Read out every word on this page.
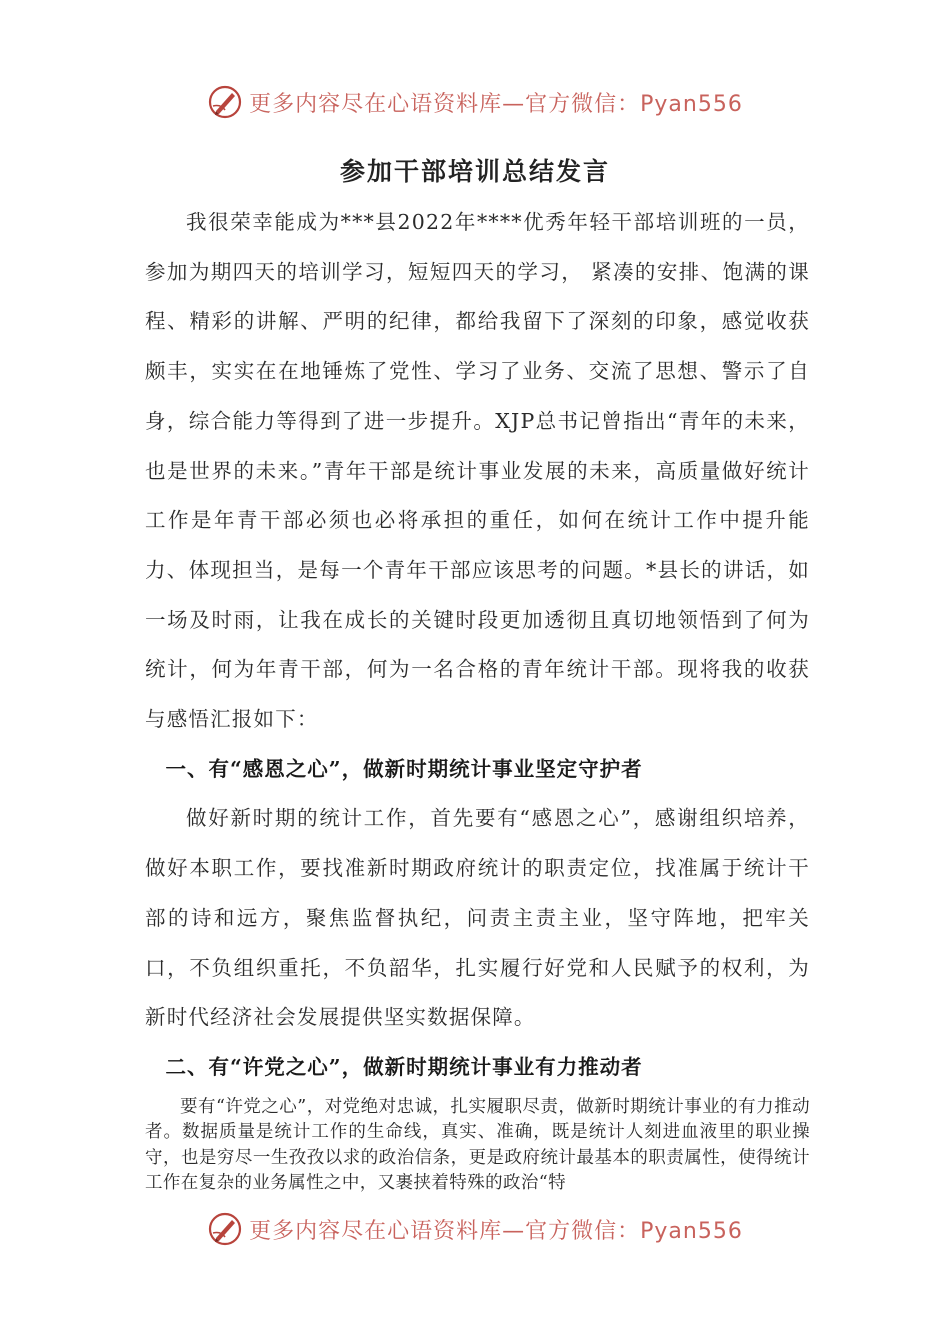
更多内容尽在心语资料库—官方微信：Pyan556
参加干部培训总结发言

我很荣幸能成为***县2022年****优秀年轻干部培训班的一员，参加为期四天的培训学习，短短四天的学习， 紧凑的安排、饱满的课程、精彩的讲解、严明的纪律，都给我留下了深刻的印象，感觉收获颇丰，实实在在地锤炼了党性、学习了业务、交流了思想、警示了自身，综合能力等得到了进一步提升。XJP总书记曾指出“青年的未来，也是世界的未来。”青年干部是统计事业发展的未来，高质量做好统计工作是年青干部必须也必将承担的重任，如何在统计工作中提升能力、体现担当，是每一个青年干部应该思考的问题。*县长的讲话，如一场及时雨，让我在成长的关键时段更加透彻且真切地领悟到了何为统计，何为年青干部，何为一名合格的青年统计干部。现将我的收获与感悟汇报如下：

一、有“感恩之心”，做新时期统计事业坚定守护者

做好新时期的统计工作，首先要有“感恩之心”，感谢组织培养，做好本职工作，要找准新时期政府统计的职责定位，找准属于统计干部的诗和远方，聚焦监督执纪，问责主责主业，坚守阵地，把牢关口，不负组织重托，不负韶华，扎实履行好党和人民赋予的权利，为新时代经济社会发展提供坚实数据保障。

二、有“许党之心”，做新时期统计事业有力推动者

要有“许党之心”，对党绝对忠诚，扎实履职尽责，做新时期统计事业的有力推动者。数据质量是统计工作的生命线，真实、准确，既是统计人刻进血液里的职业操守，也是穷尽一生孜孜以求的政治信条，更是政府统计最基本的职责属性，使得统计工作在复杂的业务属性之中，又裹挟着特殊的政治“特

更多内容尽在心语资料库—官方微信：Pyan556
